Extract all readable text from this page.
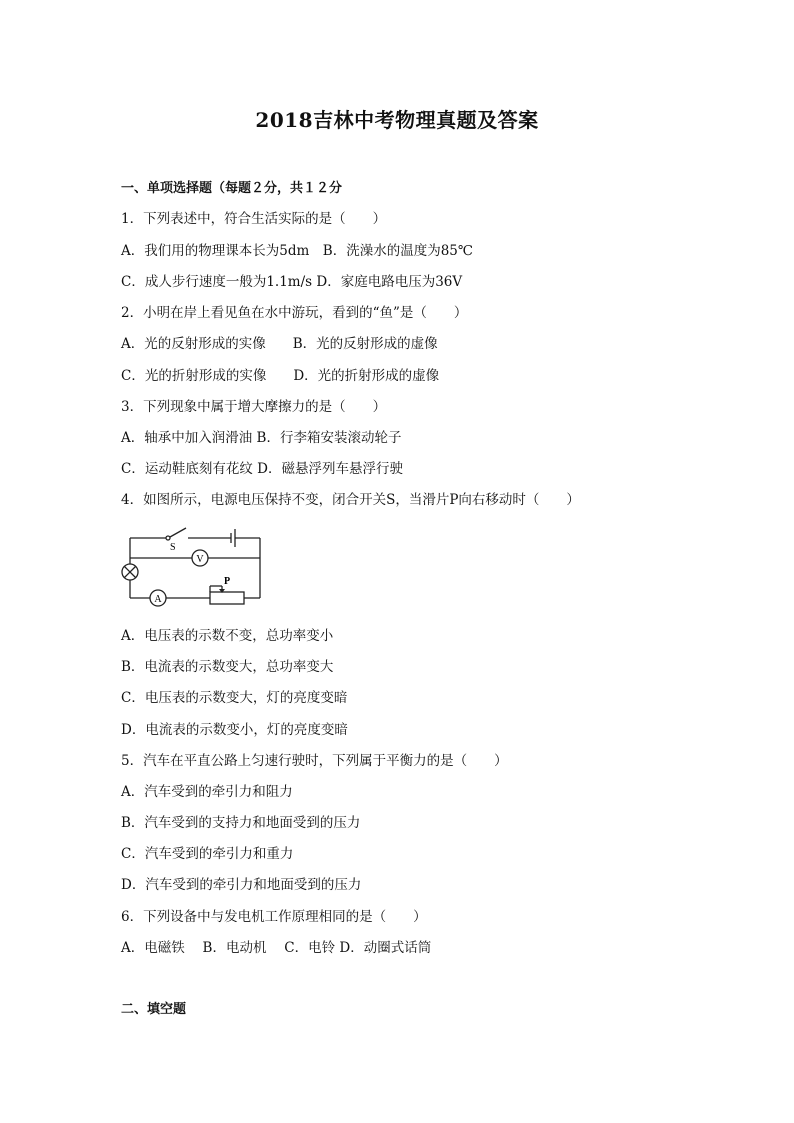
2018吉林中考物理真题及答案
一、单项选择题（每题２分，共１２分
1．下列表述中，符合生活实际的是（　　）
A．我们用的物理课本长为5dm　B．洗澡水的温度为85℃
C．成人步行速度一般为1.1m/s D．家庭电路电压为36V
2．小明在岸上看见鱼在水中游玩，看到的“鱼”是（　　）
A．光的反射形成的实像　　B．光的反射形成的虚像
C．光的折射形成的实像　　D．光的折射形成的虚像
3．下列现象中属于增大摩擦力的是（　　）
A．轴承中加入润滑油 B．行李箱安装滚动轮子
C．运动鞋底刻有花纹 D．磁悬浮列车悬浮行驶
4．如图所示，电源电压保持不变，闭合开关S，当滑片P向右移动时（　　）
S
V
A
P
A．电压表的示数不变，总功率变小
B．电流表的示数变大，总功率变大
C．电压表的示数变大，灯的亮度变暗
D．电流表的示数变小，灯的亮度变暗
5．汽车在平直公路上匀速行驶时，下列属于平衡力的是（　　）
A．汽车受到的牵引力和阻力
B．汽车受到的支持力和地面受到的压力
C．汽车受到的牵引力和重力
D．汽车受到的牵引力和地面受到的压力
6．下列设备中与发电机工作原理相同的是（　　）
A．电磁铁　 B．电动机　 C．电铃 D．动圈式话筒
二、填空题
